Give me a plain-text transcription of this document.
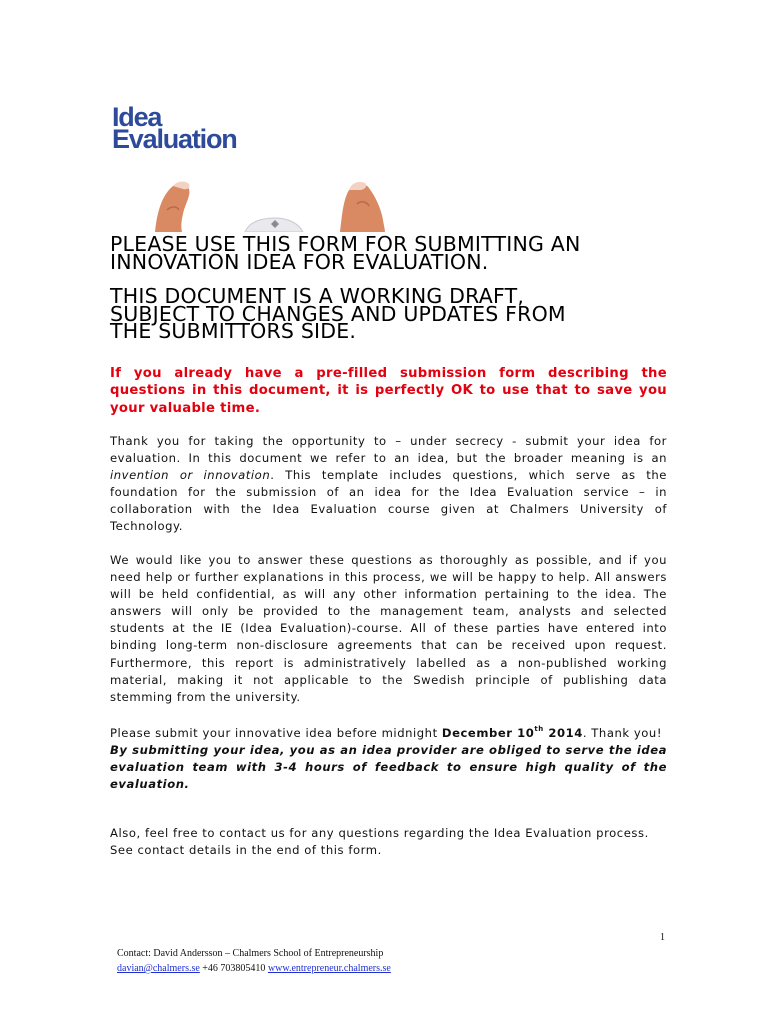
Idea
Evaluation
PLEASE USE THIS FORM FOR SUBMITTING AN
INNOVATION IDEA FOR EVALUATION.
THIS DOCUMENT IS A WORKING DRAFT,
SUBJECT TO CHANGES AND UPDATES FROM
THE SUBMITTORS SIDE.
If you already have a pre-filled submission form describing the questions in this document, it is perfectly OK to use that to save you your valuable time.
Thank you for taking the opportunity to – under secrecy - submit your idea for evaluation. In this document we refer to an idea, but the broader meaning is an invention or innovation. This template includes questions, which serve as the foundation for the submission of an idea for the Idea Evaluation service – in collaboration with the Idea Evaluation course given at Chalmers University of Technology.
We would like you to answer these questions as thoroughly as possible, and if you need help or further explanations in this process, we will be happy to help. All answers will be held confidential, as will any other information pertaining to the idea. The answers will only be provided to the management team, analysts and selected students at the IE (Idea Evaluation)-course. All of these parties have entered into binding long-term non-disclosure agreements that can be received upon request. Furthermore, this report is administratively labelled as a non-published working material, making it not applicable to the Swedish principle of publishing data stemming from the university.
Please submit your innovative idea before midnight December 10th 2014. Thank you!
By submitting your idea, you as an idea provider are obliged to serve the idea evaluation team with 3-4 hours of feedback to ensure high quality of the evaluation.
Also, feel free to contact us for any questions regarding the Idea Evaluation process.
See contact details in the end of this form.
1
Contact: David Andersson – Chalmers School of Entrepreneurship
davian@chalmers.se +46 703805410 www.entrepreneur.chalmers.se
